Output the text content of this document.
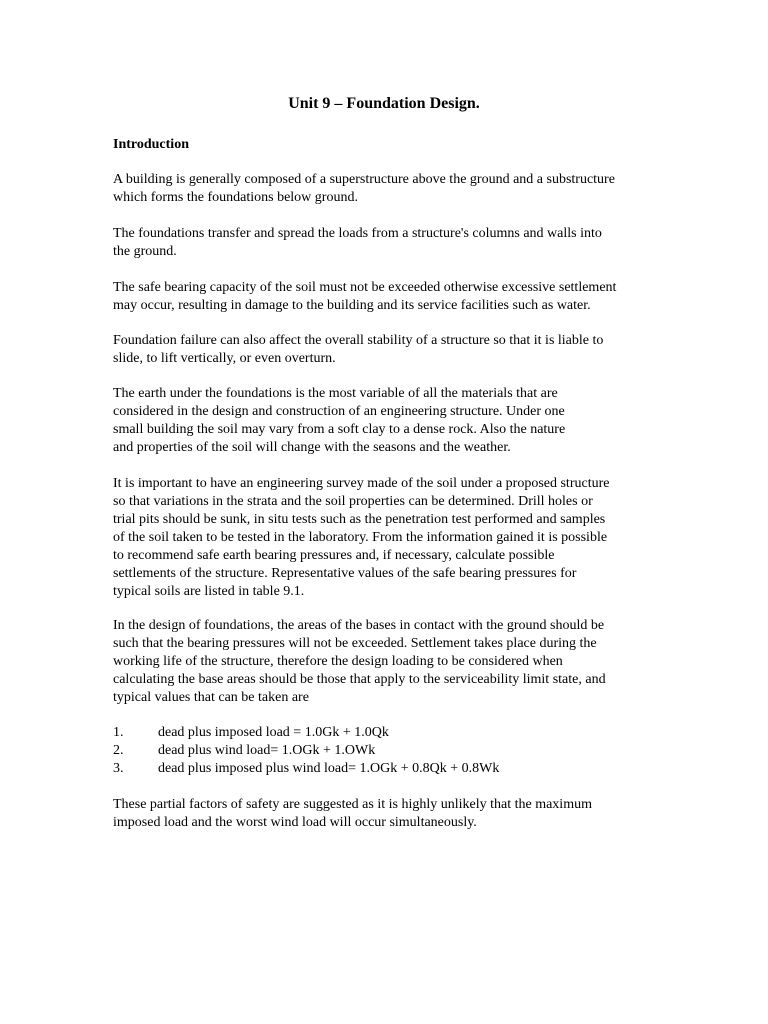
Unit 9 – Foundation Design.
Introduction

A building is generally composed of a superstructure above the ground and a substructure
which forms the foundations below ground.

The foundations transfer and spread the loads from a structure's columns and walls into
the ground.

The safe bearing capacity of the soil must not be exceeded otherwise excessive settlement
may occur, resulting in damage to the building and its service facilities such as water.

Foundation failure can also affect the overall stability of a structure so that it is liable to
slide, to lift vertically, or even overturn.

The earth under the foundations is the most variable of all the materials that are
considered in the design and construction of an engineering structure. Under one
small building the soil may vary from a soft clay to a dense rock. Also the nature
and properties of the soil will change with the seasons and the weather.

It is important to have an engineering survey made of the soil under a proposed structure
so that variations in the strata and the soil properties can be determined. Drill holes or
trial pits should be sunk, in situ tests such as the penetration test performed and samples
of the soil taken to be tested in the laboratory. From the information gained it is possible
to recommend safe earth bearing pressures and, if necessary, calculate possible
settlements of the structure. Representative values of the safe bearing pressures for
typical soils are listed in table 9.1.

In the design of foundations, the areas of the bases in contact with the ground should be
such that the bearing pressures will not be exceeded. Settlement takes place during the
working life of the structure, therefore the design loading to be considered when
calculating the base areas should be those that apply to the serviceability limit state, and
typical values that can be taken are

1.	dead plus imposed load = 1.0Gk + 1.0Qk
2.	dead plus wind load= 1.OGk + 1.OWk
3.	dead plus imposed plus wind load= 1.OGk + 0.8Qk + 0.8Wk

These partial factors of safety are suggested as it is highly unlikely that the maximum
imposed load and the worst wind load will occur simultaneously.
